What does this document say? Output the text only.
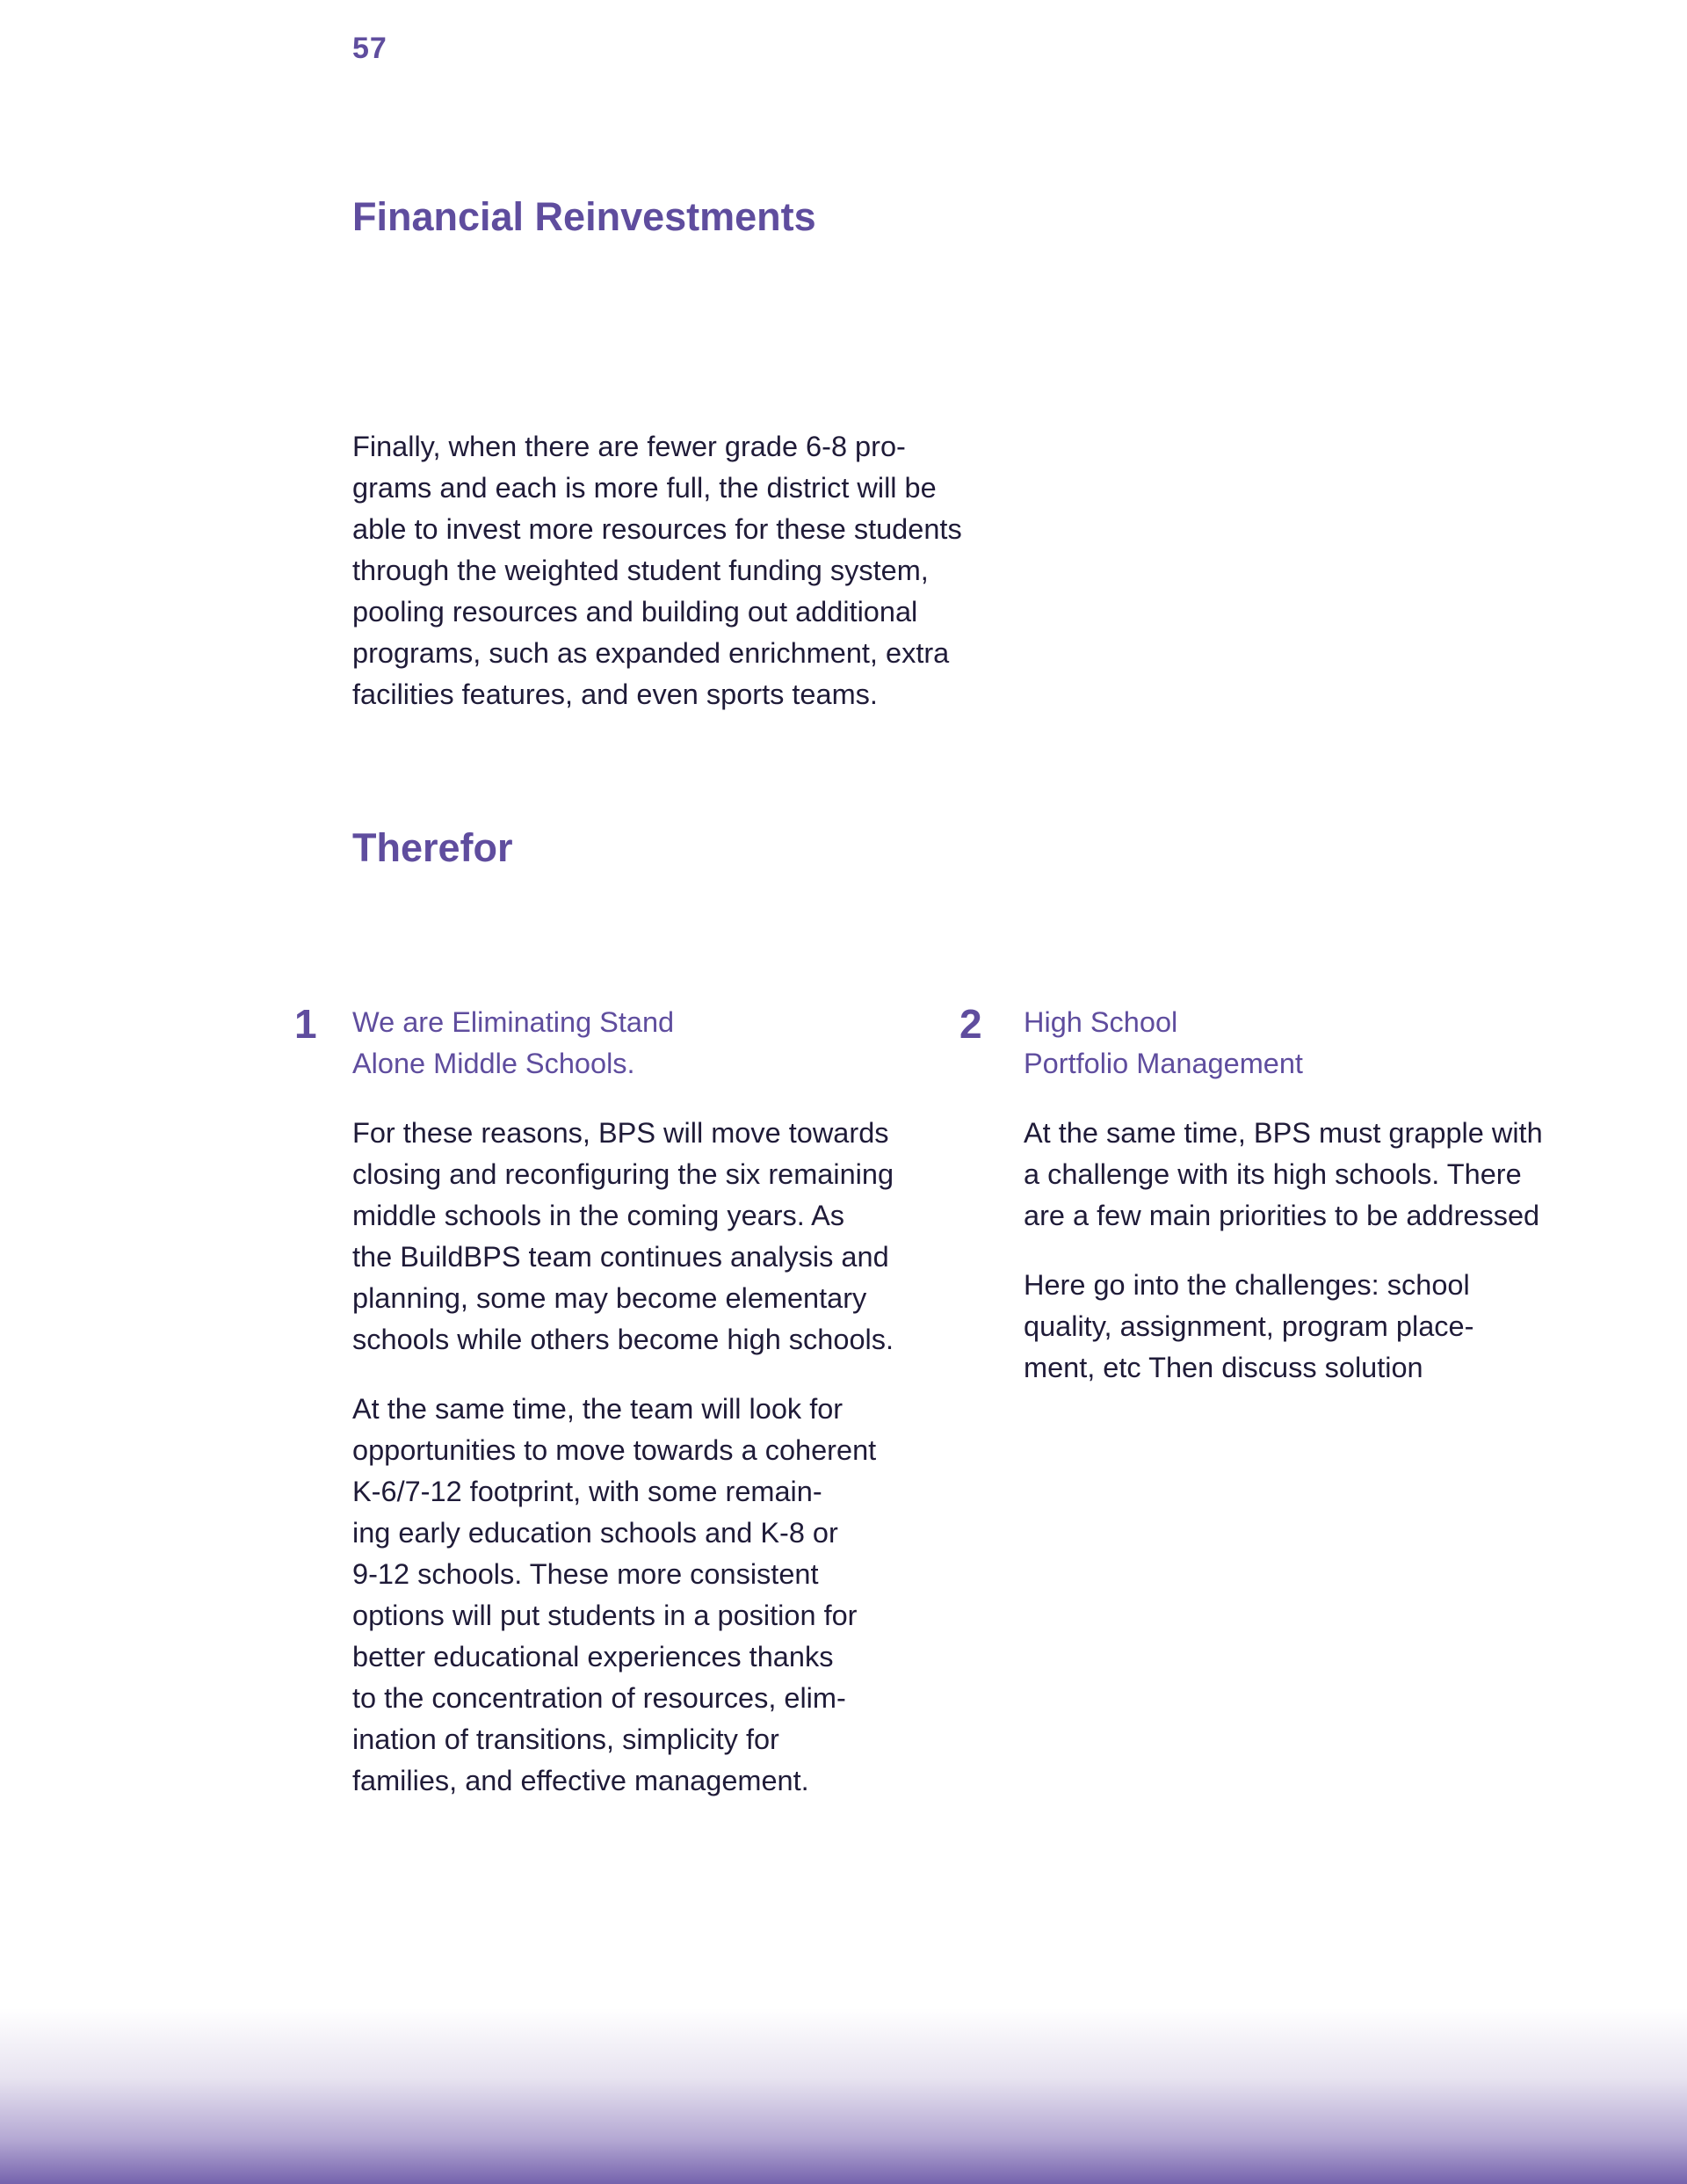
57
Financial Reinvestments

Finally, when there are fewer grade 6-8 pro-
grams and each is more full, the district will be
able to invest more resources for these students
through the weighted student funding system,
pooling resources and building out additional
programs, such as expanded enrichment, extra
facilities features, and even sports teams.

Therefor
1 We are Eliminating Stand
Alone Middle Schools.

For these reasons, BPS will move towards
closing and reconfiguring the six remaining
middle schools in the coming years. As
the BuildBPS team continues analysis and
planning, some may become elementary
schools while others become high schools.

At the same time, the team will look for
opportunities to move towards a coherent
K-6/7-12 footprint, with some remain-
ing early education schools and K-8 or
9-12 schools. These more consistent
options will put students in a position for
better educational experiences thanks
to the concentration of resources, elim-
ination of transitions, simplicity for
families, and effective management.

2 High School
Portfolio Management

At the same time, BPS must grapple with
a challenge with its high schools. There
are a few main priorities to be addressed

Here go into the challenges: school
quality, assignment, program place-
ment, etc Then discuss solution
